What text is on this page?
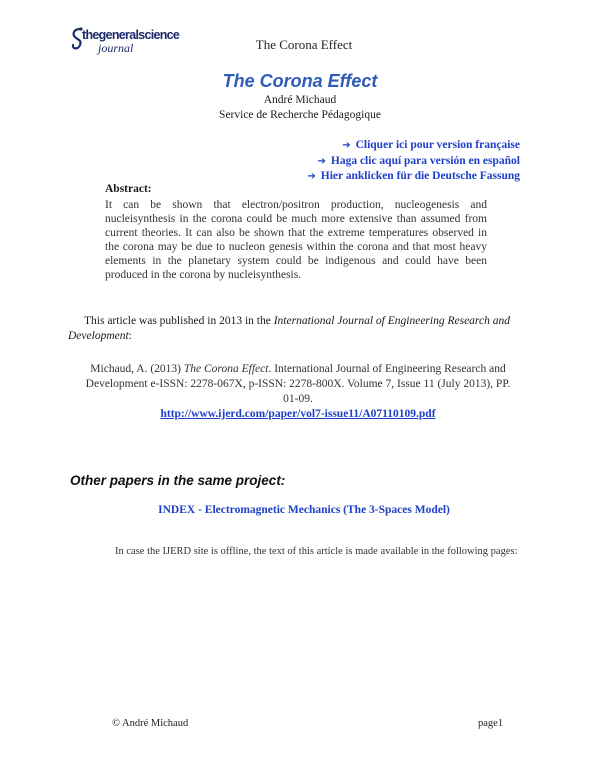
thegeneralscience
journal	The Corona Effect
The Corona Effect
André Michaud
Service de Recherche Pédagogique
➔ Cliquer ici pour version française
➔ Haga clic aquí para versión en español
➔ Hier anklicken für die Deutsche Fassung
Abstract:
It can be shown that electron/positron production, nucleogenesis and nucleisynthesis in the corona could be much more extensive than assumed from current theories. It can also be shown that the extreme temperatures observed in the corona may be due to nucleon genesis within the corona and that most heavy elements in the planetary system could be indigenous and could have been produced in the corona by nucleisynthesis.
This article was published in 2013 in the International Journal of Engineering Research and Development:
Michaud, A. (2013) The Corona Effect. International Journal of Engineering Research and Development e-ISSN: 2278-067X, p-ISSN: 2278-800X. Volume 7, Issue 11 (July 2013), PP. 01-09.
http://www.ijerd.com/paper/vol7-issue11/A07110109.pdf
Other papers in the same project:
INDEX - Electromagnetic Mechanics (The 3-Spaces Model)
In case the IJERD site is offline, the text of this article is made available in the following pages:
© André Michaud	page1
